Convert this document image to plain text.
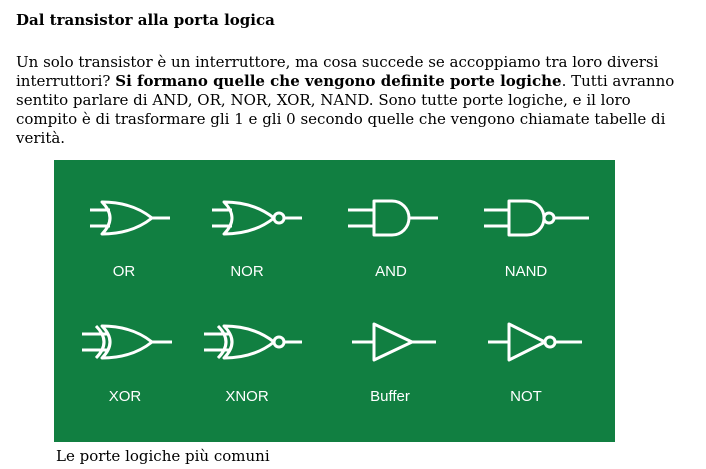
Dal transistor alla porta logica
Un solo transistor è un interruttore, ma cosa succede se accoppiamo tra loro diversi interruttori? Si formano quelle che vengono definite porte logiche. Tutti avranno sentito parlare di AND, OR, NOR, XOR, NAND. Sono tutte porte logiche, e il loro compito è di trasformare gli 1 e gli 0 secondo quelle che vengono chiamate tabelle di verità.
OR	NOR	AND	NAND
XOR	XNOR	Buffer	NOT
Le porte logiche più comuni
